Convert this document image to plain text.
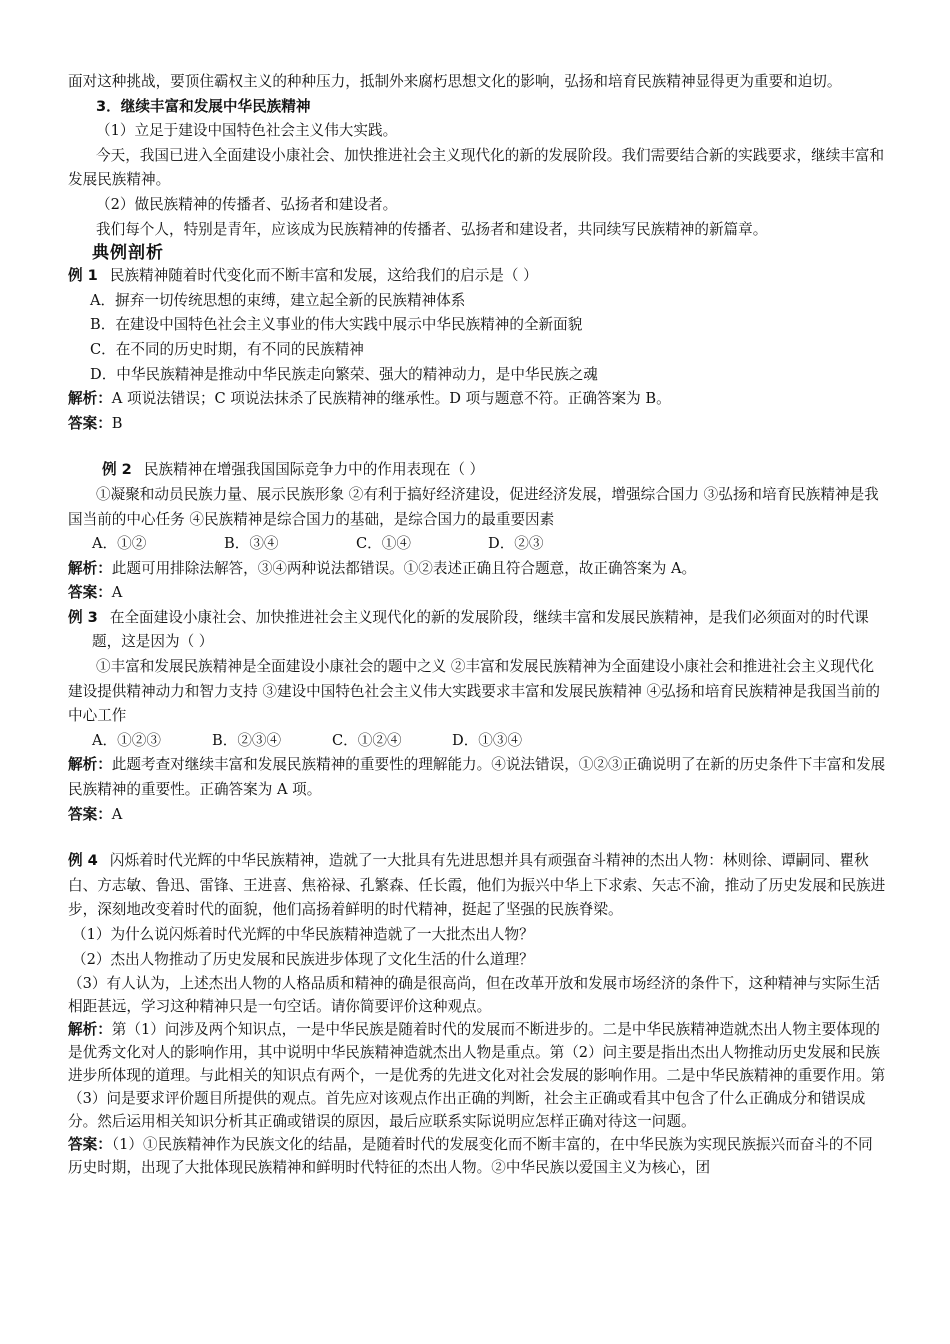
面对这种挑战，要顶住霸权主义的种种压力，抵制外来腐朽思想文化的影响，弘扬和培育民族精神显得更为重要和迫切。

3．继续丰富和发展中华民族精神

（1）立足于建设中国特色社会主义伟大实践。

今天，我国已进入全面建设小康社会、加快推进社会主义现代化的新的发展阶段。我们需要结合新的实践要求，继续丰富和发展民族精神。

（2）做民族精神的传播者、弘扬者和建设者。

我们每个人，特别是青年，应该成为民族精神的传播者、弘扬者和建设者，共同续写民族精神的新篇章。

典例剖析

例 1 民族精神随着时代变化而不断丰富和发展，这给我们的启示是（ ）

A．摒弃一切传统思想的束缚，建立起全新的民族精神体系

B．在建设中国特色社会主义事业的伟大实践中展示中华民族精神的全新面貌

C．在不同的历史时期，有不同的民族精神

D．中华民族精神是推动中华民族走向繁荣、强大的精神动力，是中华民族之魂

解析：A 项说法错误；C 项说法抹杀了民族精神的继承性。D 项与题意不符。正确答案为 B。

答案：B

例 2 民族精神在增强我国国际竞争力中的作用表现在（ ）

①凝聚和动员民族力量、展示民族形象 ②有利于搞好经济建设，促进经济发展，增强综合国力 ③弘扬和培育民族精神是我国当前的中心任务 ④民族精神是综合国力的基础，是综合国力的最重要因素

A．①②	B．③④	C．①④	D．②③

解析：此题可用排除法解答，③④两种说法都错误。①②表述正确且符合题意，故正确答案为 A。

答案：A

例 3 在全面建设小康社会、加快推进社会主义现代化的新的发展阶段，继续丰富和发展民族精神，是我们必须面对的时代课题，这是因为（ ）

①丰富和发展民族精神是全面建设小康社会的题中之义 ②丰富和发展民族精神为全面建设小康社会和推进社会主义现代化建设提供精神动力和智力支持 ③建设中国特色社会主义伟大实践要求丰富和发展民族精神 ④弘扬和培育民族精神是我国当前的中心工作

A．①②③	B．②③④	C．①②④	D．①③④

解析：此题考查对继续丰富和发展民族精神的重要性的理解能力。④说法错误，①②③正确说明了在新的历史条件下丰富和发展民族精神的重要性。正确答案为 A 项。

答案：A

例 4 闪烁着时代光辉的中华民族精神，造就了一大批具有先进思想并具有顽强奋斗精神的杰出人物：林则徐、谭嗣同、瞿秋白、方志敏、鲁迅、雷锋、王进喜、焦裕禄、孔繁森、任长霞，他们为振兴中华上下求索、矢志不渝，推动了历史发展和民族进步，深刻地改变着时代的面貌，他们高扬着鲜明的时代精神，挺起了坚强的民族脊梁。

（1）为什么说闪烁着时代光辉的中华民族精神造就了一大批杰出人物？

（2）杰出人物推动了历史发展和民族进步体现了文化生活的什么道理？

（3）有人认为，上述杰出人物的人格品质和精神的确是很高尚，但在改革开放和发展市场经济的条件下，这种精神与实际生活相距甚远，学习这种精神只是一句空话。请你简要评价这种观点。

解析：第（1）问涉及两个知识点，一是中华民族是随着时代的发展而不断进步的。二是中华民族精神造就杰出人物主要体现的是优秀文化对人的影响作用，其中说明中华民族精神造就杰出人物是重点。第（2）问主要是指出杰出人物推动历史发展和民族进步所体现的道理。与此相关的知识点有两个，一是优秀的先进文化对社会发展的影响作用。二是中华民族精神的重要作用。第（3）问是要求评价题目所提供的观点。首先应对该观点作出正确的判断，社会主正确或看其中包含了什么正确成分和错误成分。然后运用相关知识分析其正确或错误的原因，最后应联系实际说明应怎样正确对待这一问题。

答案：（1）①民族精神作为民族文化的结晶，是随着时代的发展变化而不断丰富的，在中华民族为实现民族振兴而奋斗的不同历史时期，出现了大批体现民族精神和鲜明时代特征的杰出人物。②中华民族以爱国主义为核心，团
